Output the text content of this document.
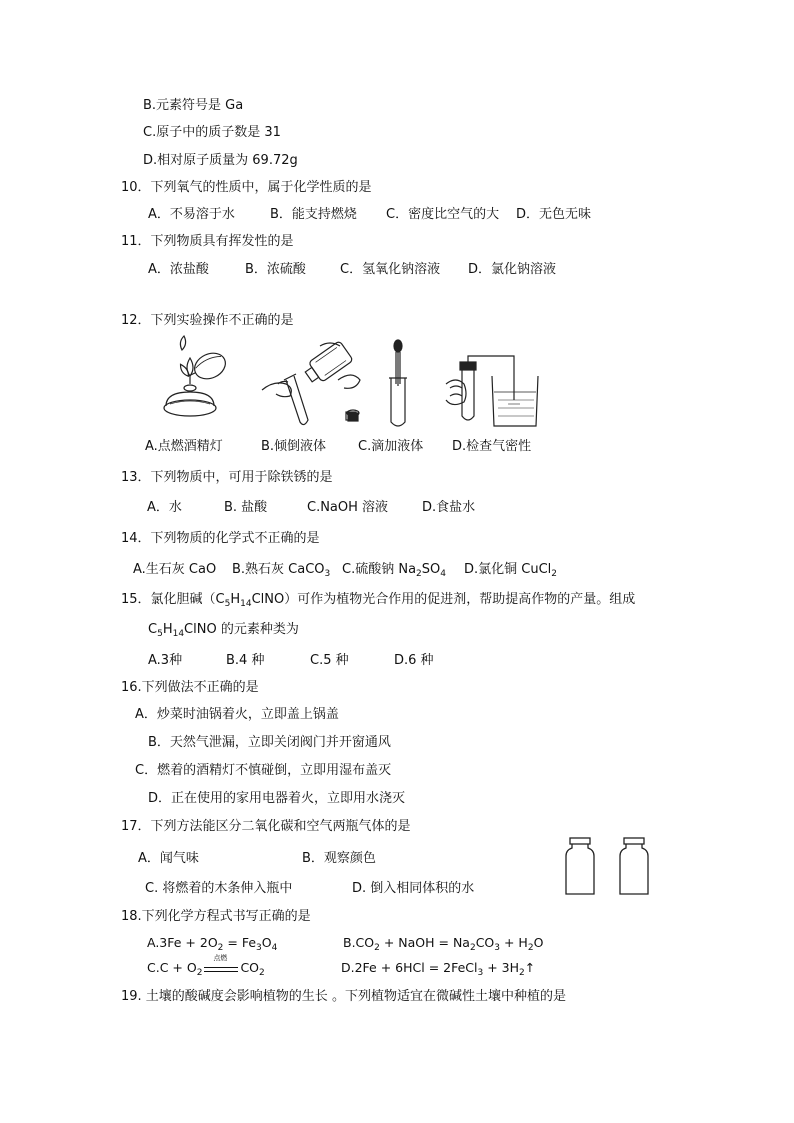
B.元素符号是 Ga
C.原子中的质子数是 31
D.相对原子质量为 69.72g
10．下列氧气的性质中，属于化学性质的是
A．不易溶于水	B．能支持燃烧 C．密度比空气的大 D．无色无味
11．下列物质具有挥发性的是
A．浓盐酸	B．浓硫酸	C．氢氧化钠溶液 D．氯化钠溶液
12．下列实验操作不正确的是
A.点燃酒精灯	B.倾倒液体 C.滴加液体 D.检查气密性
13．下列物质中，可用于除铁锈的是
A．水	B. 盐酸	C.NaOH 溶液	D.食盐水
14．下列物质的化学式不正确的是
A.生石灰 CaO B.熟石灰 CaCO$_3$ C.硫酸钠 $Na_2SO_4$ D.氯化铜 CuCl$_2$
15．氯化胆碱$(C_5H_{14}ClNO)$可作为植物光合作用的促进剂，帮助提高作物的产量。组成
$C_5H_{14}ClNO$ 的元素种类为
A.3种	B.4 种	C.5 种	D.6 种
16.下列做法不正确的是
A．炒菜时油锅着火，立即盖上锅盖
B．天然气泄漏，立即关闭阀门并开窗通风
C．燃着的酒精灯不慎碰倒，立即用湿布盖灭
D．正在使用的家用电器着火，立即用水浇灭
17．下列方法能区分二氧化碳和空气两瓶气体的是
A．闻气味	B．观察颜色
C. 将燃着的木条伸入瓶中	D. 倒入相同体积的水
18.下列化学方程式书写正确的是
$A.3Fe + 2O_2 = Fe_3O_4$	$B.CO_2$ + NaOH = $Na_2CO_3 + H_2O$
$C.C + O_2$
点燃
$CO_2$	D.2Fe + 6HCl = 2FeCl$_3$ + $3H_2↑$
19. 土壤的酸碱度会影响植物的生长 。下列植物适宜在微碱性土壤中种植的是
